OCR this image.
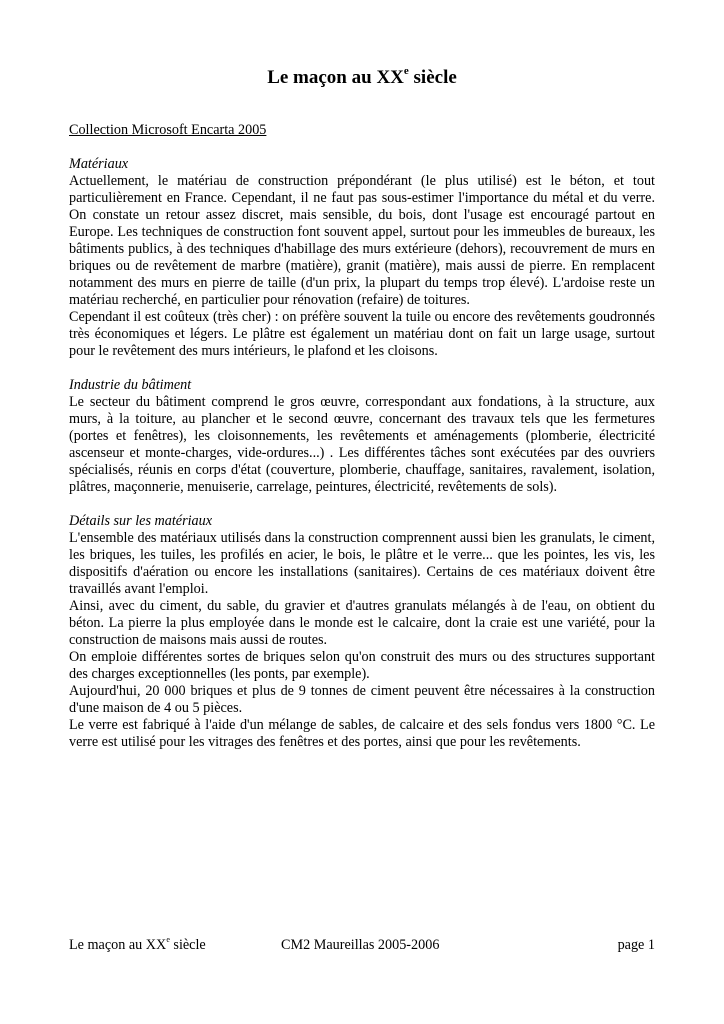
Le maçon au XXe siècle

Collection Microsoft Encarta 2005

Matériaux

Actuellement, le matériau de construction prépondérant (le plus utilisé) est le béton, et tout particulièrement en France. Cependant, il ne faut pas sous-estimer l'importance du métal et du verre. On constate un retour assez discret, mais sensible, du bois, dont l'usage est encouragé partout en Europe. Les techniques de construction font souvent appel, surtout pour les immeubles de bureaux, les bâtiments publics, à des techniques d'habillage des murs extérieure (dehors), recouvrement de murs en briques ou de revêtement de marbre (matière), granit (matière), mais aussi de pierre. En remplacent notamment des murs en pierre de taille (d'un prix, la plupart du temps trop élevé). L'ardoise reste un matériau recherché, en particulier pour rénovation (refaire) de toitures.

Cependant il est coûteux (très cher) : on préfère souvent la tuile ou encore des revêtements goudronnés très économiques et légers. Le plâtre est également un matériau dont on fait un large usage, surtout pour le revêtement des murs intérieurs, le plafond et les cloisons.

Industrie du bâtiment

Le secteur du bâtiment comprend le gros œuvre, correspondant aux fondations, à la structure, aux murs, à la toiture, au plancher et le second œuvre, concernant des travaux tels que les fermetures (portes et fenêtres), les cloisonnements, les revêtements et aménagements (plomberie, électricité ascenseur et monte-charges, vide-ordures...) . Les différentes tâches sont exécutées par des ouvriers spécialisés, réunis en corps d'état (couverture, plomberie, chauffage, sanitaires, ravalement, isolation, plâtres, maçonnerie, menuiserie, carrelage, peintures, électricité, revêtements de sols).

Détails sur les matériaux

L'ensemble des matériaux utilisés dans la construction comprennent aussi bien les granulats, le ciment, les briques, les tuiles, les profilés en acier, le bois, le plâtre et le verre... que les pointes, les vis, les dispositifs d'aération ou encore les installations (sanitaires). Certains de ces matériaux doivent être travaillés avant l'emploi.

Ainsi, avec du ciment, du sable, du gravier et d'autres granulats mélangés à de l'eau, on obtient du béton. La pierre la plus employée dans le monde est le calcaire, dont la craie est une variété, pour la construction de maisons mais aussi de routes.

On emploie différentes sortes de briques selon qu'on construit des murs ou des structures supportant des charges exceptionnelles (les ponts, par exemple).

Aujourd'hui, 20 000 briques et plus de 9 tonnes de ciment peuvent être nécessaires à la construction d'une maison de 4 ou 5 pièces.

Le verre est fabriqué à l'aide d'un mélange de sables, de calcaire et des sels fondus vers 1800 °C. Le verre est utilisé pour les vitrages des fenêtres et des portes, ainsi que pour les revêtements.

Le maçon au XXe siècle	CM2 Maureillas 2005-2006	page 1
